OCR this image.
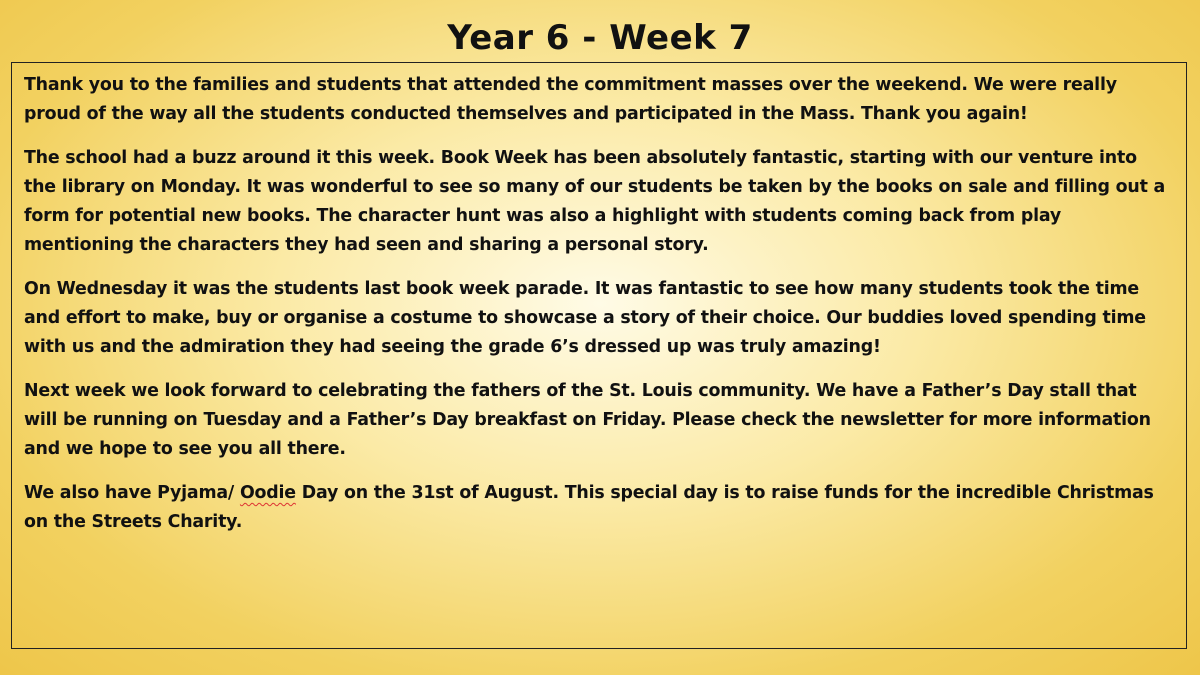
Year 6 - Week 7

Thank you to the families and students that attended the commitment masses over the weekend. We were really proud of the way all the students conducted themselves and participated in the Mass. Thank you again!

The school had a buzz around it this week. Book Week has been absolutely fantastic, starting with our venture into the library on Monday. It was wonderful to see so many of our students be taken by the books on sale and filling out a form for potential new books. The character hunt was also a highlight with students coming back from play mentioning the characters they had seen and sharing a personal story.

On Wednesday it was the students last book week parade. It was fantastic to see how many students took the time and effort to make, buy or organise a costume to showcase a story of their choice. Our buddies loved spending time with us and the admiration they had seeing the grade 6’s dressed up was truly amazing!

Next week we look forward to celebrating the fathers of the St. Louis community. We have a Father’s Day stall that will be running on Tuesday and a Father’s Day breakfast on Friday. Please check the newsletter for more information and we hope to see you all there.

We also have Pyjama/ Oodie Day on the 31st of August. This special day is to raise funds for the incredible Christmas on the Streets Charity.
